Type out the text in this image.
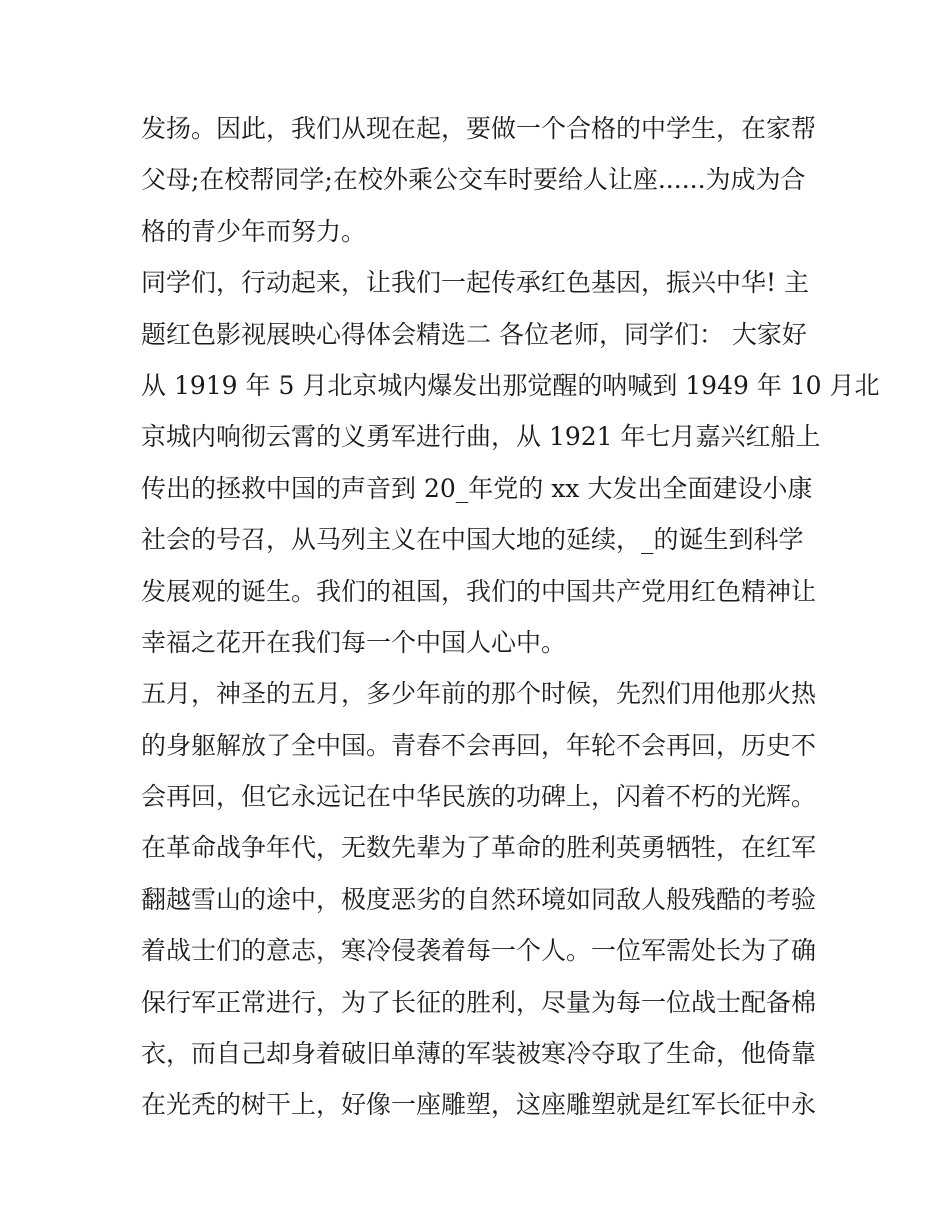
发扬。因此，我们从现在起，要做一个合格的中学生，在家帮
父母;在校帮同学;在校外乘公交车时要给人让座......为成为合
格的青少年而努力。
同学们，行动起来，让我们一起传承红色基因，振兴中华! 主
题红色影视展映心得体会精选二 各位老师，同学们： 大家好
从 1919 年 5 月北京城内爆发出那觉醒的呐喊到 1949 年 10 月北
京城内响彻云霄的义勇军进行曲，从 1921 年七月嘉兴红船上
传出的拯救中国的声音到 20_年党的 xx 大发出全面建设小康
社会的号召，从马列主义在中国大地的延续，_的诞生到科学
发展观的诞生。我们的祖国，我们的中国共产党用红色精神让
幸福之花开在我们每一个中国人心中。
五月，神圣的五月，多少年前的那个时候，先烈们用他那火热
的身躯解放了全中国。青春不会再回，年轮不会再回，历史不
会再回，但它永远记在中华民族的功碑上，闪着不朽的光辉。
在革命战争年代，无数先辈为了革命的胜利英勇牺牲，在红军
翻越雪山的途中，极度恶劣的自然环境如同敌人般残酷的考验
着战士们的意志，寒冷侵袭着每一个人。一位军需处长为了确
保行军正常进行，为了长征的胜利，尽量为每一位战士配备棉
衣，而自己却身着破旧单薄的军装被寒冷夺取了生命，他倚靠
在光秃的树干上，好像一座雕塑，这座雕塑就是红军长征中永
